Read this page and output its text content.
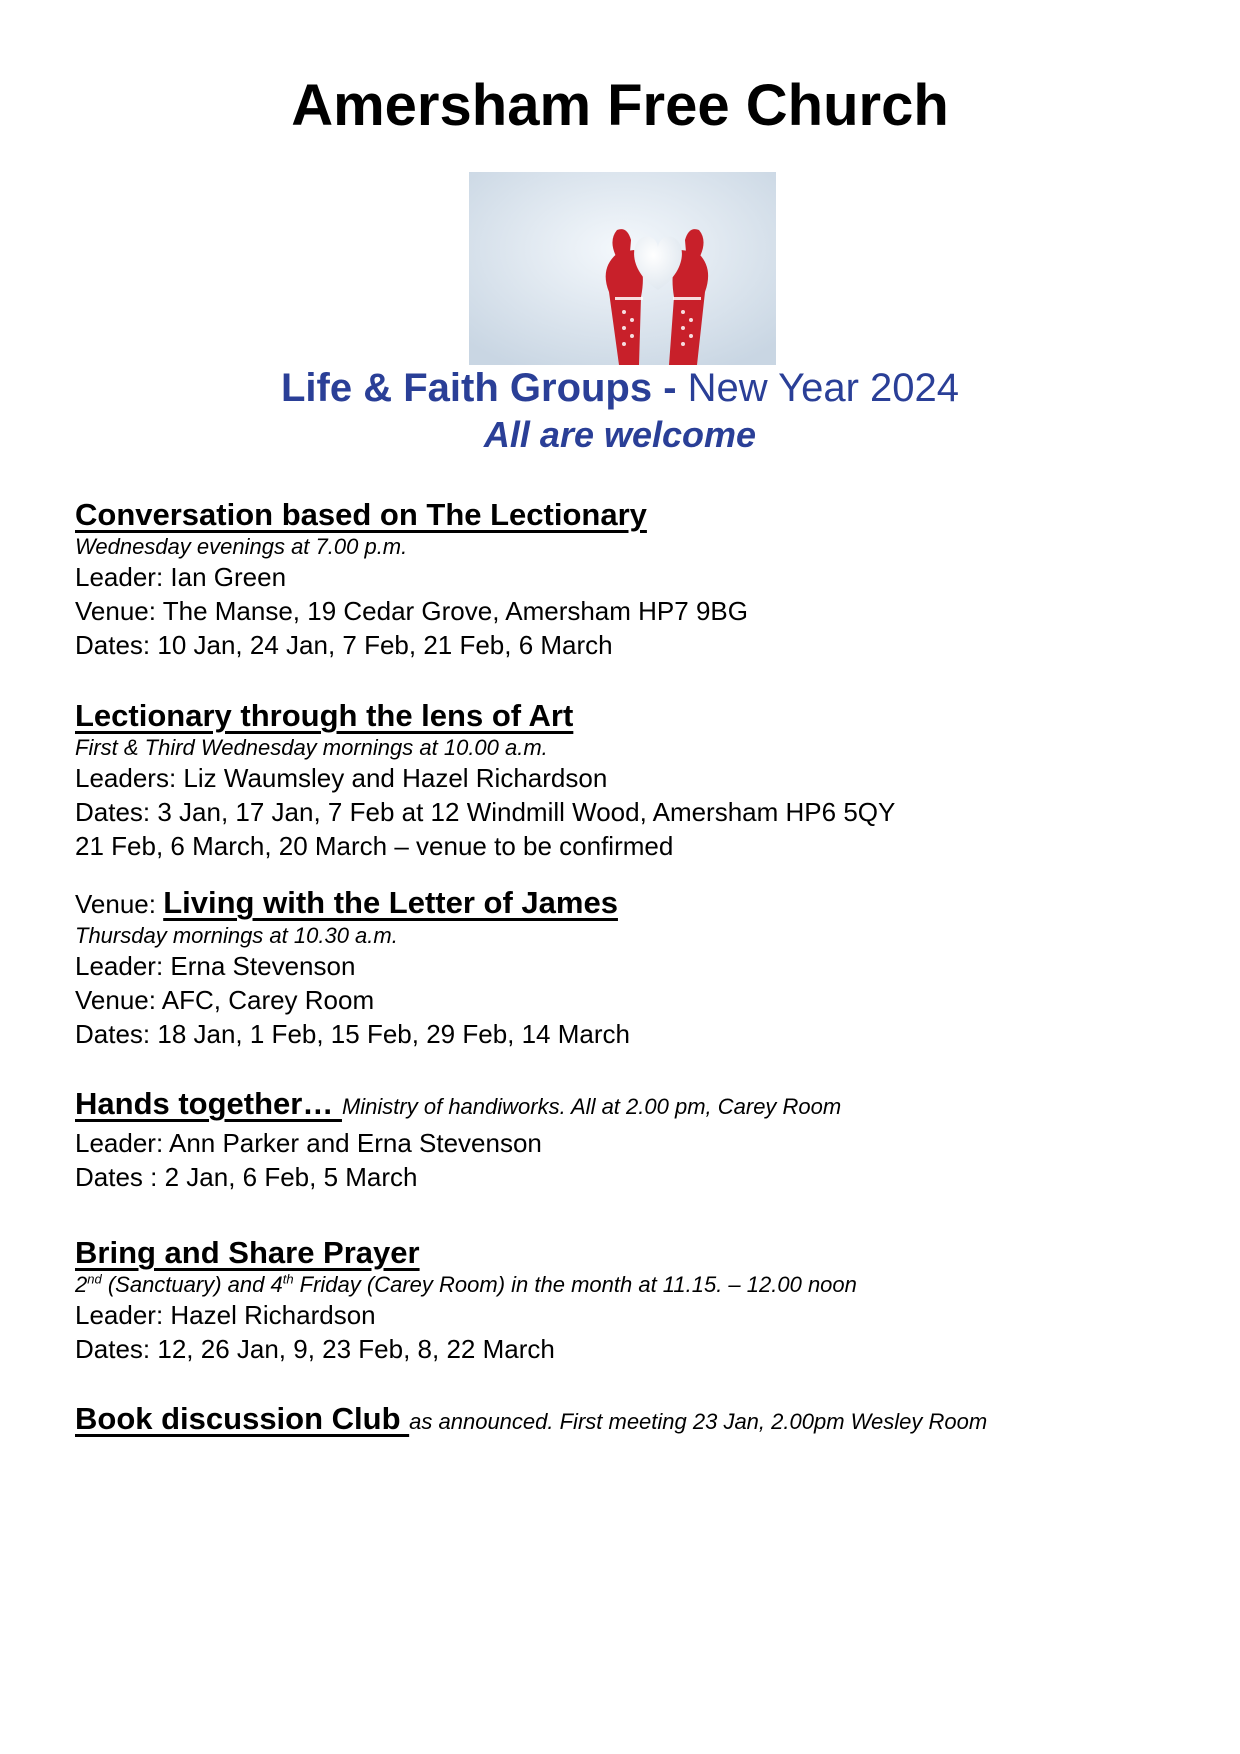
Amersham Free Church
Life & Faith Groups - New Year 2024
All are welcome
Conversation based on The Lectionary
Wednesday evenings at 7.00 p.m.
Leader: Ian Green
Venue: The Manse, 19 Cedar Grove, Amersham HP7 9BG
Dates: 10 Jan, 24 Jan, 7 Feb, 21 Feb, 6 March
Lectionary through the lens of Art
First & Third Wednesday mornings at 10.00 a.m.
Leaders: Liz Waumsley and Hazel Richardson
Dates: 3 Jan, 17 Jan, 7 Feb at 12 Windmill Wood, Amersham HP6 5QY
21 Feb, 6 March, 20 March – venue to be confirmed
Venue: Living with the Letter of James
Thursday mornings at 10.30 a.m.
Leader: Erna Stevenson
Venue: AFC, Carey Room
Dates: 18 Jan, 1 Feb, 15 Feb, 29 Feb, 14 March
Hands together… Ministry of handiworks. All at 2.00 pm, Carey Room
Leader: Ann Parker and Erna Stevenson
Dates : 2 Jan, 6 Feb, 5 March
Bring and Share Prayer
2nd (Sanctuary) and 4th Friday (Carey Room) in the month at 11.15. – 12.00 noon
Leader: Hazel Richardson
Dates: 12, 26 Jan, 9, 23 Feb, 8, 22 March
Book discussion Club as announced. First meeting 23 Jan, 2.00pm Wesley Room
